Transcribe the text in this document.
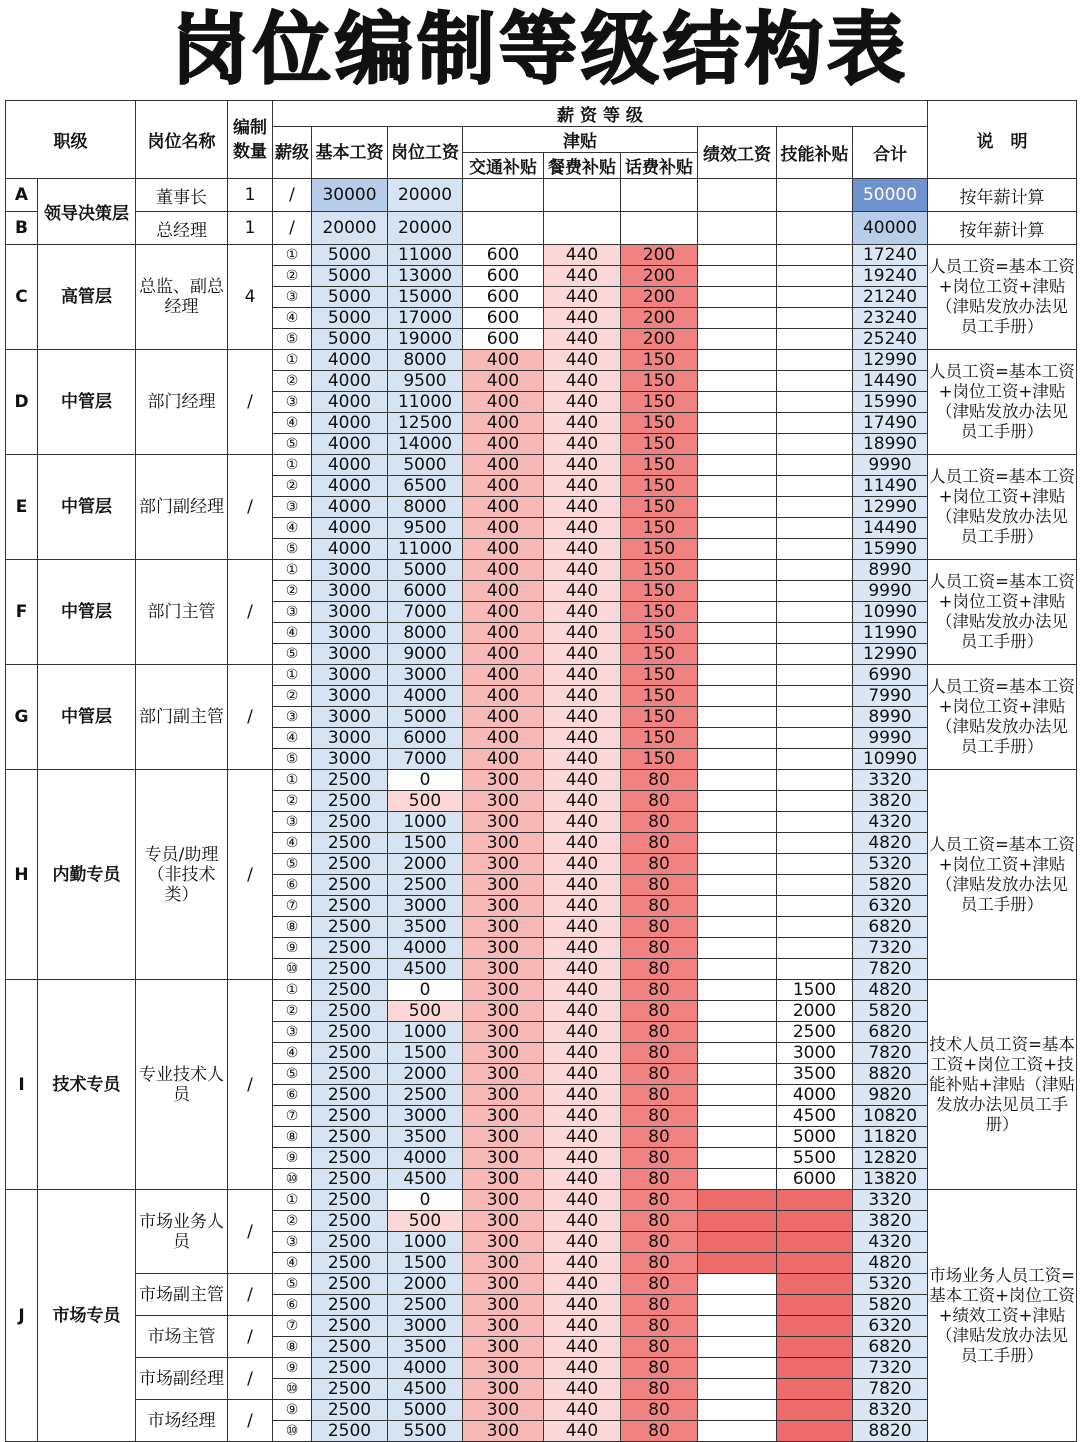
岗位编制等级结构表
职级		岗位名称	编制数量	薪 资 等 级									说　明
				薪级	基本工资	岗位工资	津贴			绩效工资	技能补贴	合计	
							交通补贴	餐费补贴	话费补贴				
A	领导决策层	董事长	1	/	30000	20000						50000	按年薪计算
B		总经理	1	/	20000	20000						40000	按年薪计算
C	高管层	总监、副总经理	4	①	5000	11000	600	440	200			17240	人员工资=基本工资+岗位工资+津贴（津贴发放办法见员工手册）
				②	5000	13000	600	440	200			19240	
				③	5000	15000	600	440	200			21240	
				④	5000	17000	600	440	200			23240	
				⑤	5000	19000	600	440	200			25240	
D	中管层	部门经理	/	①	4000	8000	400	440	150			12990	人员工资=基本工资+岗位工资+津贴（津贴发放办法见员工手册）
				②	4000	9500	400	440	150			14490	
				③	4000	11000	400	440	150			15990	
				④	4000	12500	400	440	150			17490	
				⑤	4000	14000	400	440	150			18990	
E	中管层	部门副经理	/	①	4000	5000	400	440	150			9990	人员工资=基本工资+岗位工资+津贴（津贴发放办法见员工手册）
				②	4000	6500	400	440	150			11490	
				③	4000	8000	400	440	150			12990	
				④	4000	9500	400	440	150			14490	
				⑤	4000	11000	400	440	150			15990	
F	中管层	部门主管	/	①	3000	5000	400	440	150			8990	人员工资=基本工资+岗位工资+津贴（津贴发放办法见员工手册）
				②	3000	6000	400	440	150			9990	
				③	3000	7000	400	440	150			10990	
				④	3000	8000	400	440	150			11990	
				⑤	3000	9000	400	440	150			12990	
G	中管层	部门副主管	/	①	3000	3000	400	440	150			6990	人员工资=基本工资+岗位工资+津贴（津贴发放办法见员工手册）
				②	3000	4000	400	440	150			7990	
				③	3000	5000	400	440	150			8990	
				④	3000	6000	400	440	150			9990	
				⑤	3000	7000	400	440	150			10990	
H	内勤专员	专员/助理（非技术类）	/	①	2500	0	300	440	80			3320	人员工资=基本工资+岗位工资+津贴（津贴发放办法见员工手册）
				②	2500	500	300	440	80			3820	
				③	2500	1000	300	440	80			4320	
				④	2500	1500	300	440	80			4820	
				⑤	2500	2000	300	440	80			5320	
				⑥	2500	2500	300	440	80			5820	
				⑦	2500	3000	300	440	80			6320	
				⑧	2500	3500	300	440	80			6820	
				⑨	2500	4000	300	440	80			7320	
				⑩	2500	4500	300	440	80			7820	
I	技术专员	专业技术人员	/	①	2500	0	300	440	80		1500	4820	技术人员工资=基本工资+岗位工资+技能补贴+津贴（津贴发放办法见员工手册）
				②	2500	500	300	440	80		2000	5820	
				③	2500	1000	300	440	80		2500	6820	
				④	2500	1500	300	440	80		3000	7820	
				⑤	2500	2000	300	440	80		3500	8820	
				⑥	2500	2500	300	440	80		4000	9820	
				⑦	2500	3000	300	440	80		4500	10820	
				⑧	2500	3500	300	440	80		5000	11820	
				⑨	2500	4000	300	440	80		5500	12820	
				⑩	2500	4500	300	440	80		6000	13820	
J	市场专员	市场业务人员	/	①	2500	0	300	440	80			3320	市场业务人员工资=基本工资+岗位工资+绩效工资+津贴（津贴发放办法见员工手册）
				②	2500	500	300	440	80			3820	
				③	2500	1000	300	440	80			4320	
				④	2500	1500	300	440	80			4820	
		市场副主管	/	⑤	2500	2000	300	440	80			5320	
				⑥	2500	2500	300	440	80			5820	
		市场主管	/	⑦	2500	3000	300	440	80			6320	
				⑧	2500	3500	300	440	80			6820	
		市场副经理	/	⑨	2500	4000	300	440	80			7320	
				⑩	2500	4500	300	440	80			7820	
		市场经理	/	⑨	2500	5000	300	440	80			8320	
				⑩	2500	5500	300	440	80			8820	
